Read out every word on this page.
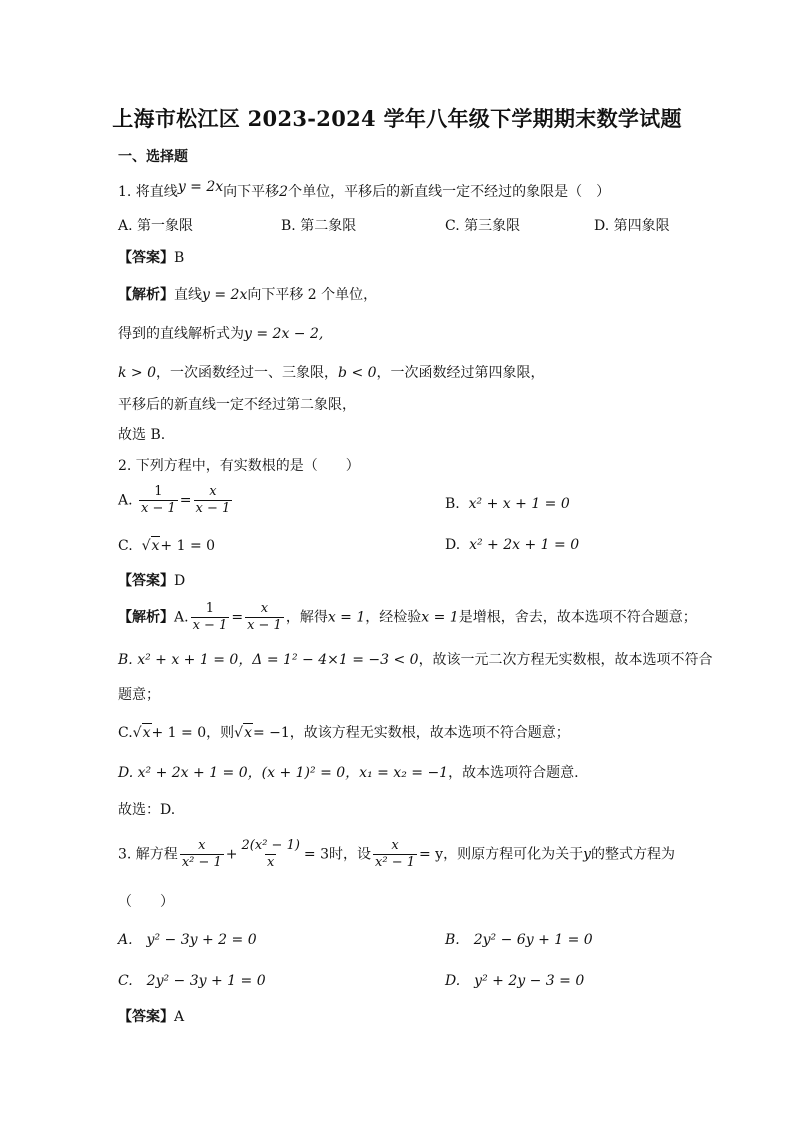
上海市松江区 2023-2024 学年八年级下学期期末数学试题
一、选择题
1. 将直线y = 2x向下平移2个单位，平移后的新直线一定不经过的象限是（　）
A. 第一象限	B. 第二象限	C. 第三象限	D. 第四象限
【答案】B
【解析】直线y = 2x向下平移 2 个单位，
得到的直线解析式为y = 2x − 2,
k > 0，一次函数经过一、三象限，b < 0，一次函数经过第四象限，
平移后的新直线一定不经过第二象限，
故选 B.
2. 下列方程中，有实数根的是（　　）
A. $\frac{1}{x - 1} = \frac{x}{x - 1}$	B. x² + x + 1 = 0
C. √x+ 1 = 0	D. x² + 2x + 1 = 0
【答案】D
【解析】A. $\frac{1}{x - 1} = \frac{x}{x - 1}$ ，解得x = 1，经检验x = 1是增根，舍去，故本选项不符合题意；
B. x² + x + 1 = 0，Δ = 1² − 4×1 = −3 < 0，故该一元二次方程无实数根，故本选项不符合
题意；
C.√x+ 1 = 0，则√x= −1，故该方程无实数根，故本选项不符合题意；
D. x² + 2x + 1 = 0，(x + 1)² = 0，x₁ = x₂ = −1，故本选项符合题意.
故选：D.
3. 解方程 $\frac{x}{\text{x² − 1}} + \frac{\text{2(x² − 1)}}{x} = 3$时，设 $\frac{x}{\text{x² − 1}} = y$，则原方程可化为关于y的整式方程为
（　　）
A.　y² − 3y + 2 = 0	B.　2y² − 6y + 1 = 0
C.　2y² − 3y + 1 = 0	D.　y² + 2y − 3 = 0
【答案】A
